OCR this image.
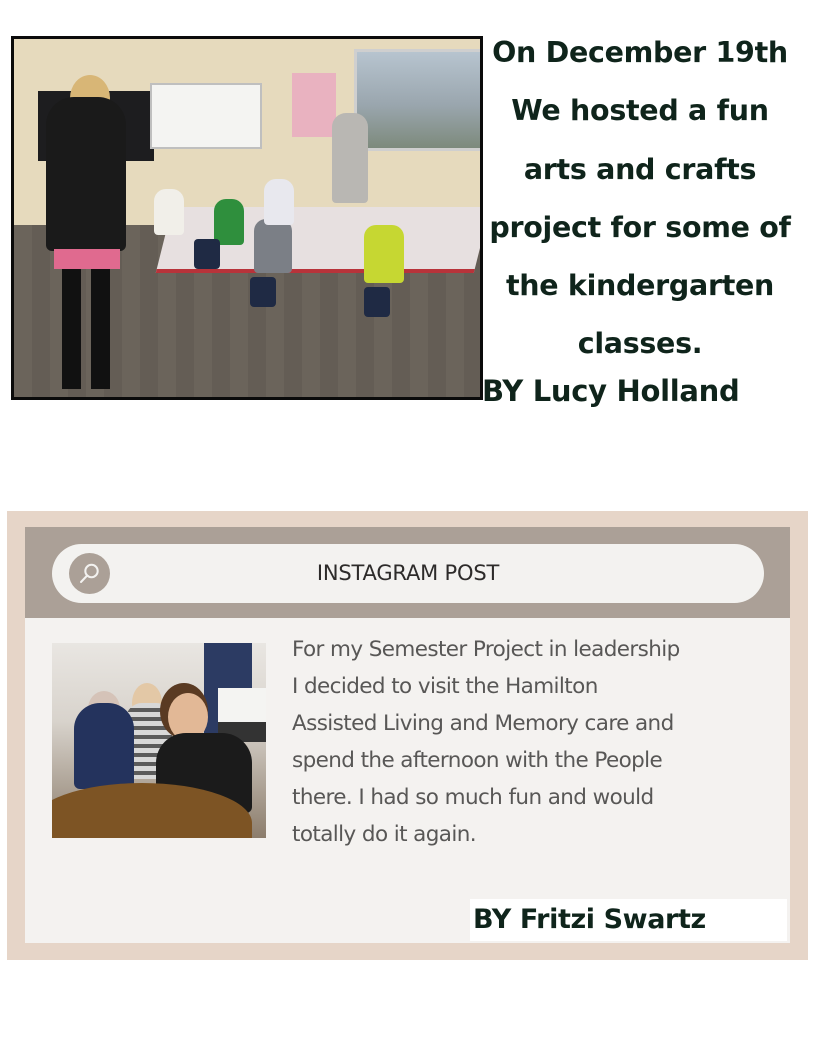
On December 19th
We hosted a fun
arts and crafts
project for some of
the kindergarten
classes.
BY Lucy Holland
INSTAGRAM POST
For my Semester Project in leadership
I decided to visit the Hamilton
Assisted Living and Memory care and
spend the afternoon with the People
there. I had so much fun and would
totally do it again.
BY Fritzi Swartz
